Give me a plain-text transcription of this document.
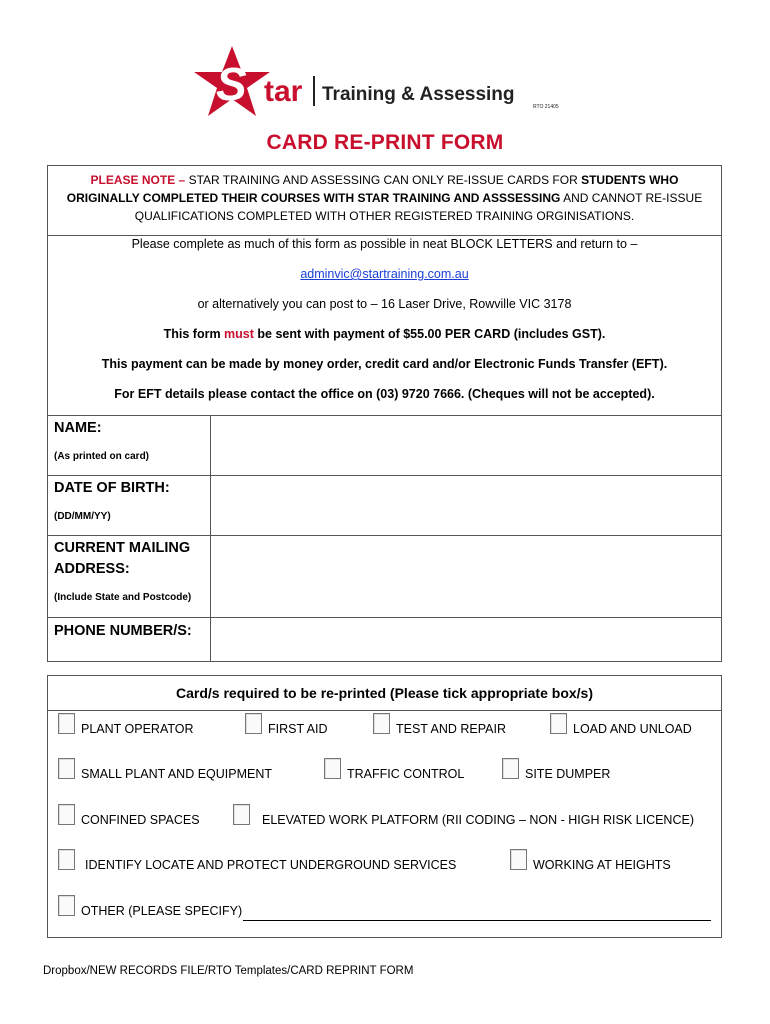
S tar Training & Assessing
RTO 21405
CARD RE-PRINT FORM
PLEASE NOTE – STAR TRAINING AND ASSESSING CAN ONLY RE-ISSUE CARDS FOR STUDENTS WHO ORIGINALLY COMPLETED THEIR COURSES WITH STAR TRAINING AND ASSSESSING AND CANNOT RE-ISSUE QUALIFICATIONS COMPLETED WITH OTHER REGISTERED TRAINING ORGINISATIONS.
Please complete as much of this form as possible in neat BLOCK LETTERS and return to –
adminvic@startraining.com.au
or alternatively you can post to – 16 Laser Drive, Rowville VIC 3178
This form must be sent with payment of $55.00 PER CARD (includes GST).
This payment can be made by money order, credit card and/or Electronic Funds Transfer (EFT).
For EFT details please contact the office on (03) 9720 7666. (Cheques will not be accepted).
NAME:
(As printed on card)
DATE OF BIRTH:
(DD/MM/YY)
CURRENT MAILING
ADDRESS:
(Include State and Postcode)
PHONE NUMBER/S:
Card/s required to be re-printed (Please tick appropriate box/s)
PLANT OPERATOR	FIRST AID	TEST AND REPAIR	LOAD AND UNLOAD
SMALL PLANT AND EQUIPMENT	TRAFFIC CONTROL	SITE DUMPER
CONFINED SPACES	ELEVATED WORK PLATFORM (RII CODING – NON - HIGH RISK LICENCE)
IDENTIFY LOCATE AND PROTECT UNDERGROUND SERVICES	WORKING AT HEIGHTS
OTHER (PLEASE SPECIFY)
Dropbox/NEW RECORDS FILE/RTO Templates/CARD REPRINT FORM
